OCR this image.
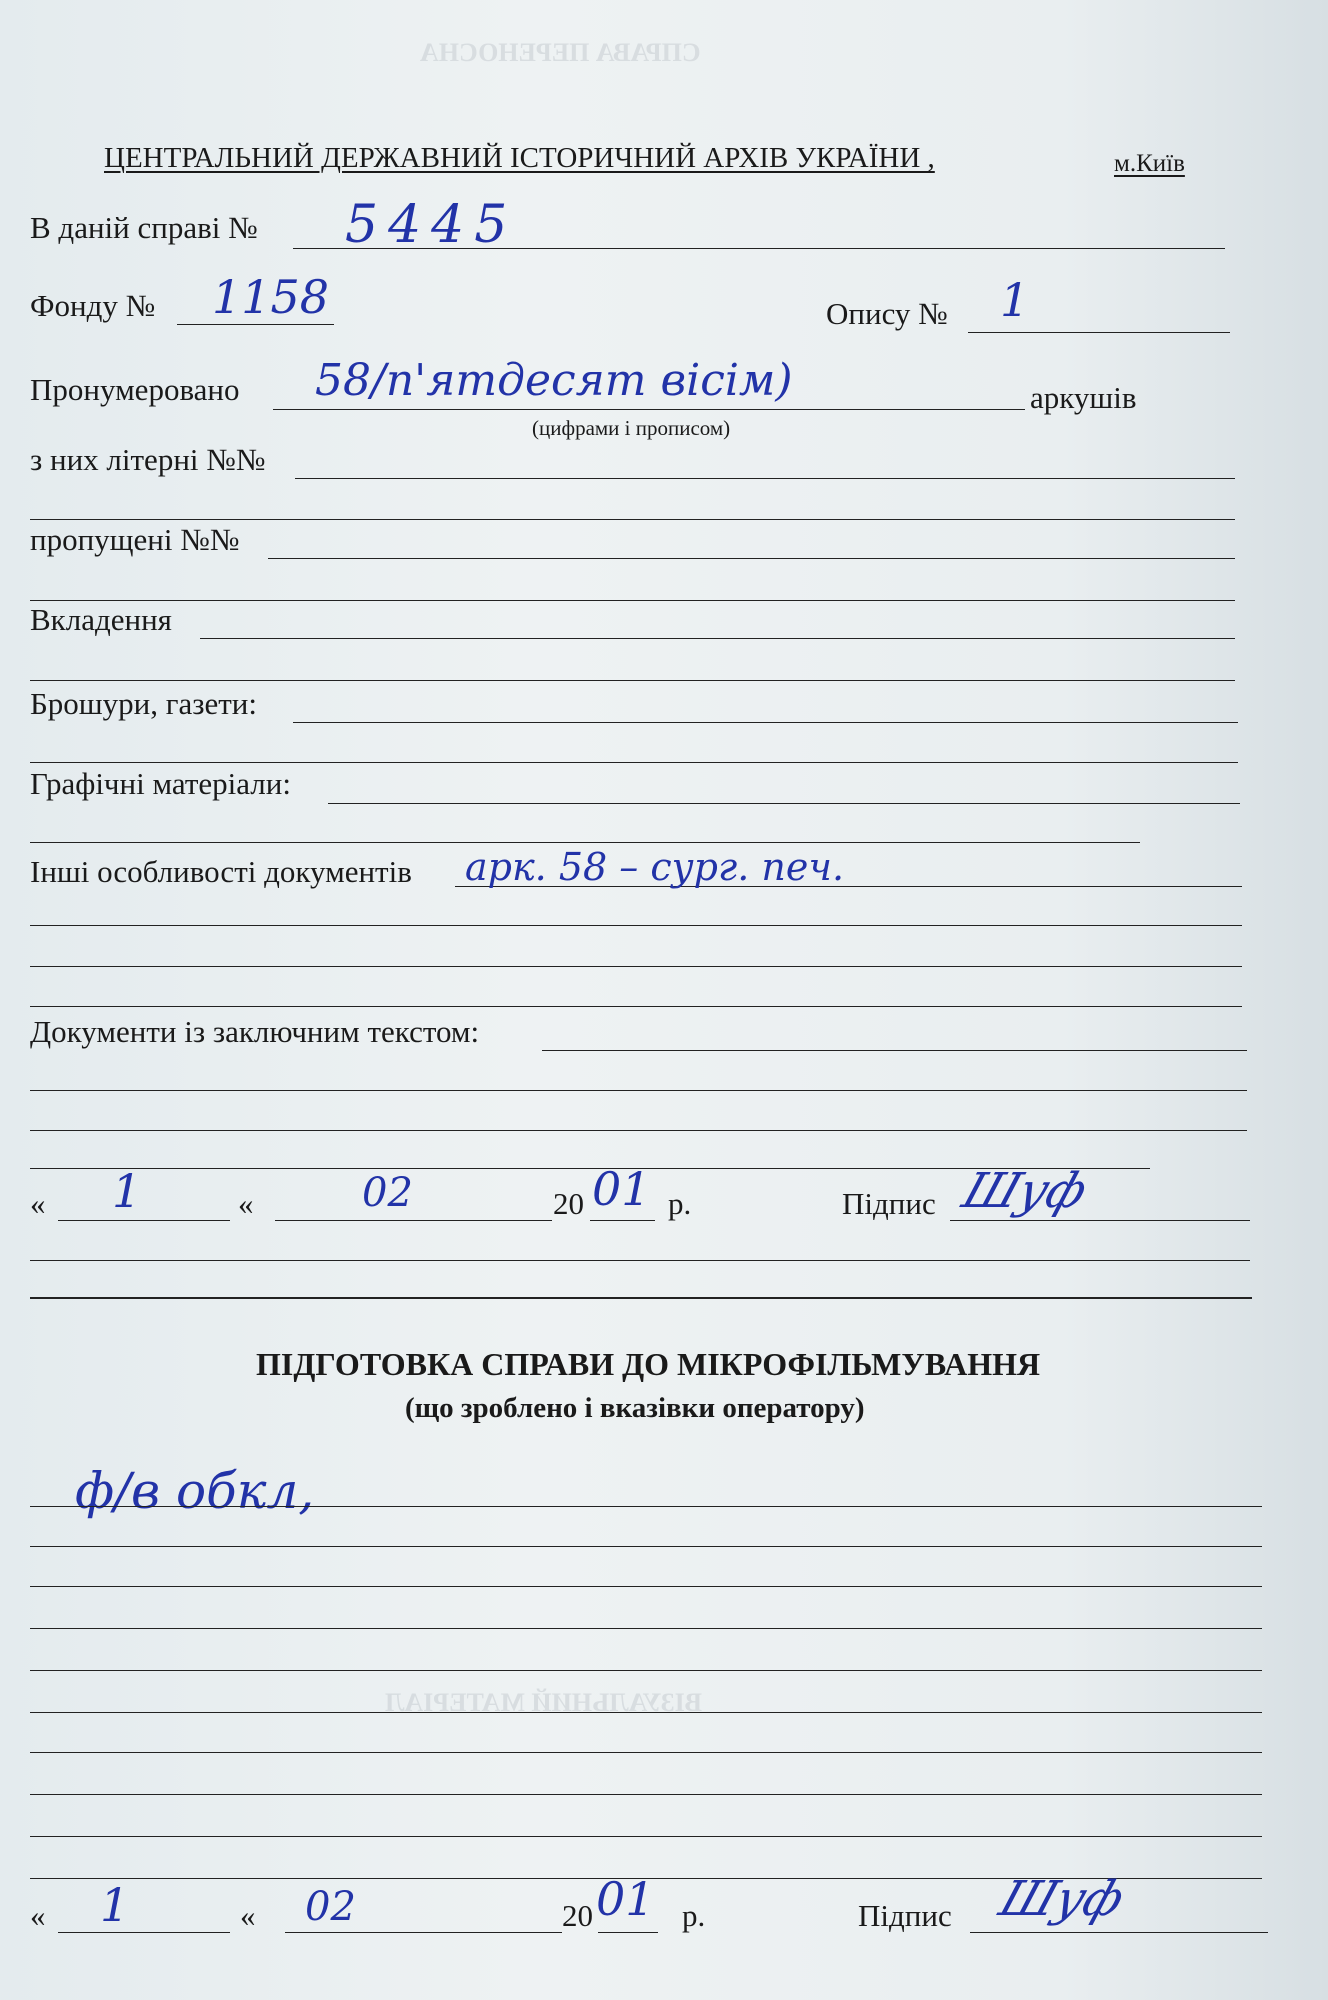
СПРАВА ПЕРЕНОСНА
ВІЗУАЛЬНИЙ МАТЕРІАЛ
ЦЕНТРАЛЬНИЙ ДЕРЖАВНИЙ ІСТОРИЧНИЙ АРХІВ УКРАЇНИ ,	м.Київ
В даній справі № 5445
Фонду № 1158	Опису № 1
Пронумеровано 58/п'ятдесят вісім)	аркушів
(цифрами і прописом)
з них літерні №№
пропущені №№
Вкладення
Брошури, газети:
Графічні матеріали:
Інші особливості документів арк. 58 – сург. печ.
Документи із заключним текстом:
« 1	«	02	20 01 р.	Підпис Шуф
ПІДГОТОВКА СПРАВИ ДО МІКРОФІЛЬМУВАННЯ
(що зроблено і вказівки оператору)
ф/в обкл,
« 1	« 02	20 01 р.	Підпис Шуф
